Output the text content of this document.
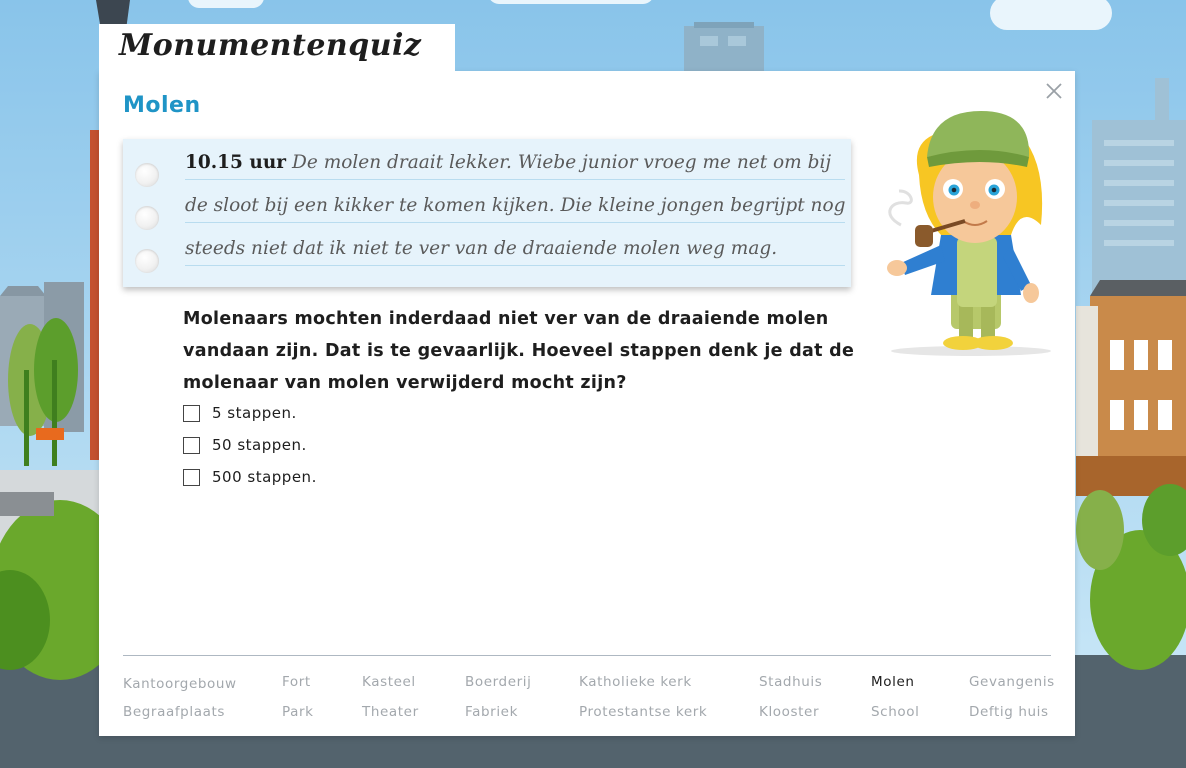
Monumentenquiz
Molen
10.15 uur De molen draait lekker. Wiebe junior vroeg me net om bij de sloot bij een kikker te komen kijken. Die kleine jongen begrijpt nog steeds niet dat ik niet te ver van de draaiende molen weg mag.

Molenaars mochten inderdaad niet ver van de draaiende molen vandaan zijn. Dat is te gevaarlijk. Hoeveel stappen denk je dat de molenaar van molen verwijderd mocht zijn?

5 stappen.
50 stappen.
500 stappen.
Kantoorgebouw	Fort	Kasteel	Boerderij	Katholieke kerk	Stadhuis	Molen	Gevangenis
Begraafplaats	Park	Theater	Fabriek	Protestantse kerk	Klooster	School	Deftig huis
